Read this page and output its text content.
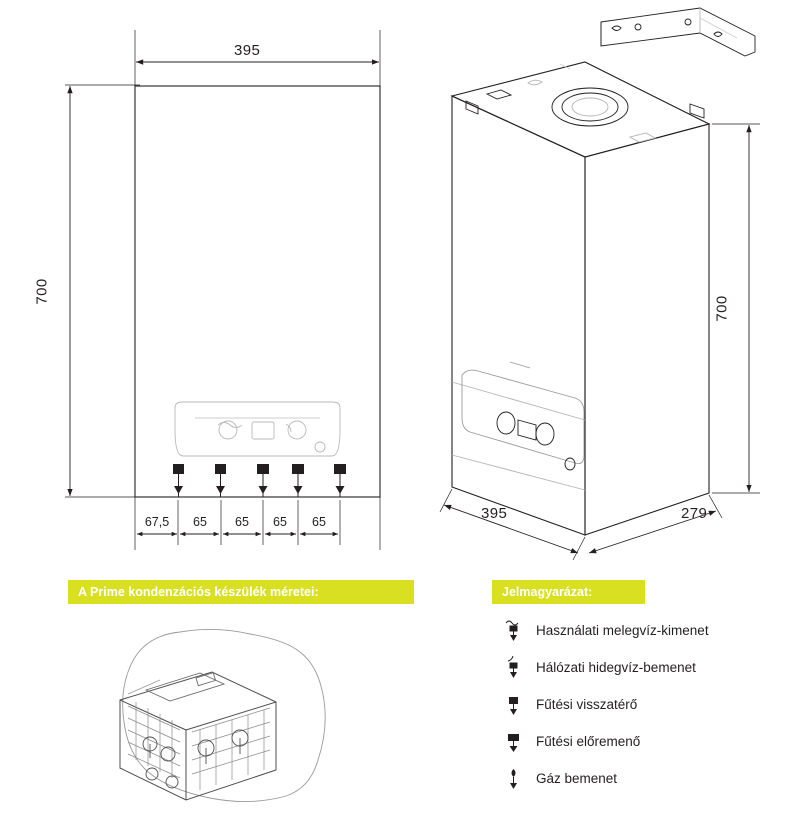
395
700
67,5	65	65	65	65
700
395	279
A Prime kondenzációs készülék méretei:	Jelmagyarázat:
Használati melegvíz-kimenet
Hálózati hidegvíz-bemenet
Fűtési visszatérő
Fűtési előremenő
Gáz bemenet
